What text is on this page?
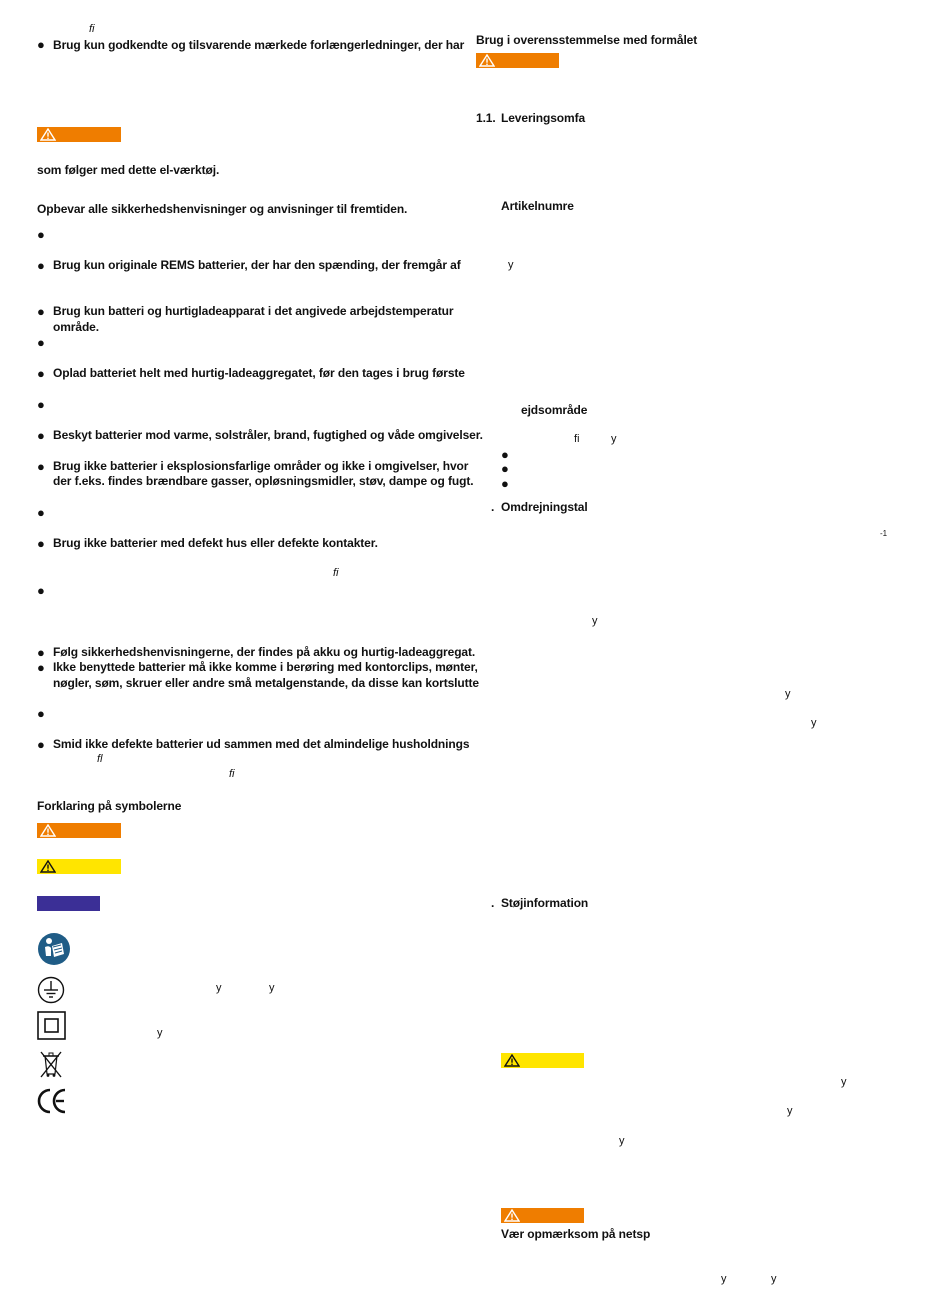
ﬁ
● Brug kun godkendte og tilsvarende mærkede forlængerledninger, der har
som følger med dette el-værktøj.
Opbevar alle sikkerhedshenvisninger og anvisninger til fremtiden.
●
● Brug kun originale REMS batterier, der har den spænding, der fremgår af
● Brug kun batteri og hurtigladeapparat i det angivede arbejdstemperatur
område.
●
● Oplad batteriet helt med hurtig-ladeaggregatet, før den tages i brug første
●
● Beskyt batterier mod varme, solstråler, brand, fugtighed og våde omgivelser.
● Brug ikke batterier i eksplosionsfarlige områder og ikke i omgivelser, hvor
der f.eks. findes brændbare gasser, opløsningsmidler, støv, dampe og fugt.
●
● Brug ikke batterier med defekt hus eller defekte kontakter.
ﬁ
●
● Følg sikkerhedshenvisningerne, der findes på akku og hurtig-ladeaggregat.
● Ikke benyttede batterier må ikke komme i berøring med kontorclips, mønter,
nøgler, søm, skruer eller andre små metalgenstande, da disse kan kortslutte
●
● Smid ikke defekte batterier ud sammen med det almindelige husholdnings
ﬂ
ﬁ
Forklaring på symbolerne
y	y
y
Brug i overensstemmelse med formålet
1.1. Leveringsomfa
Artikelnumre
y
ejdsområde
ﬁ	y
●
●
●
. Omdrejningstal
-1
y
y
y
. Støjinformation
y
y
y
Vær opmærksom på netsp
y	y
